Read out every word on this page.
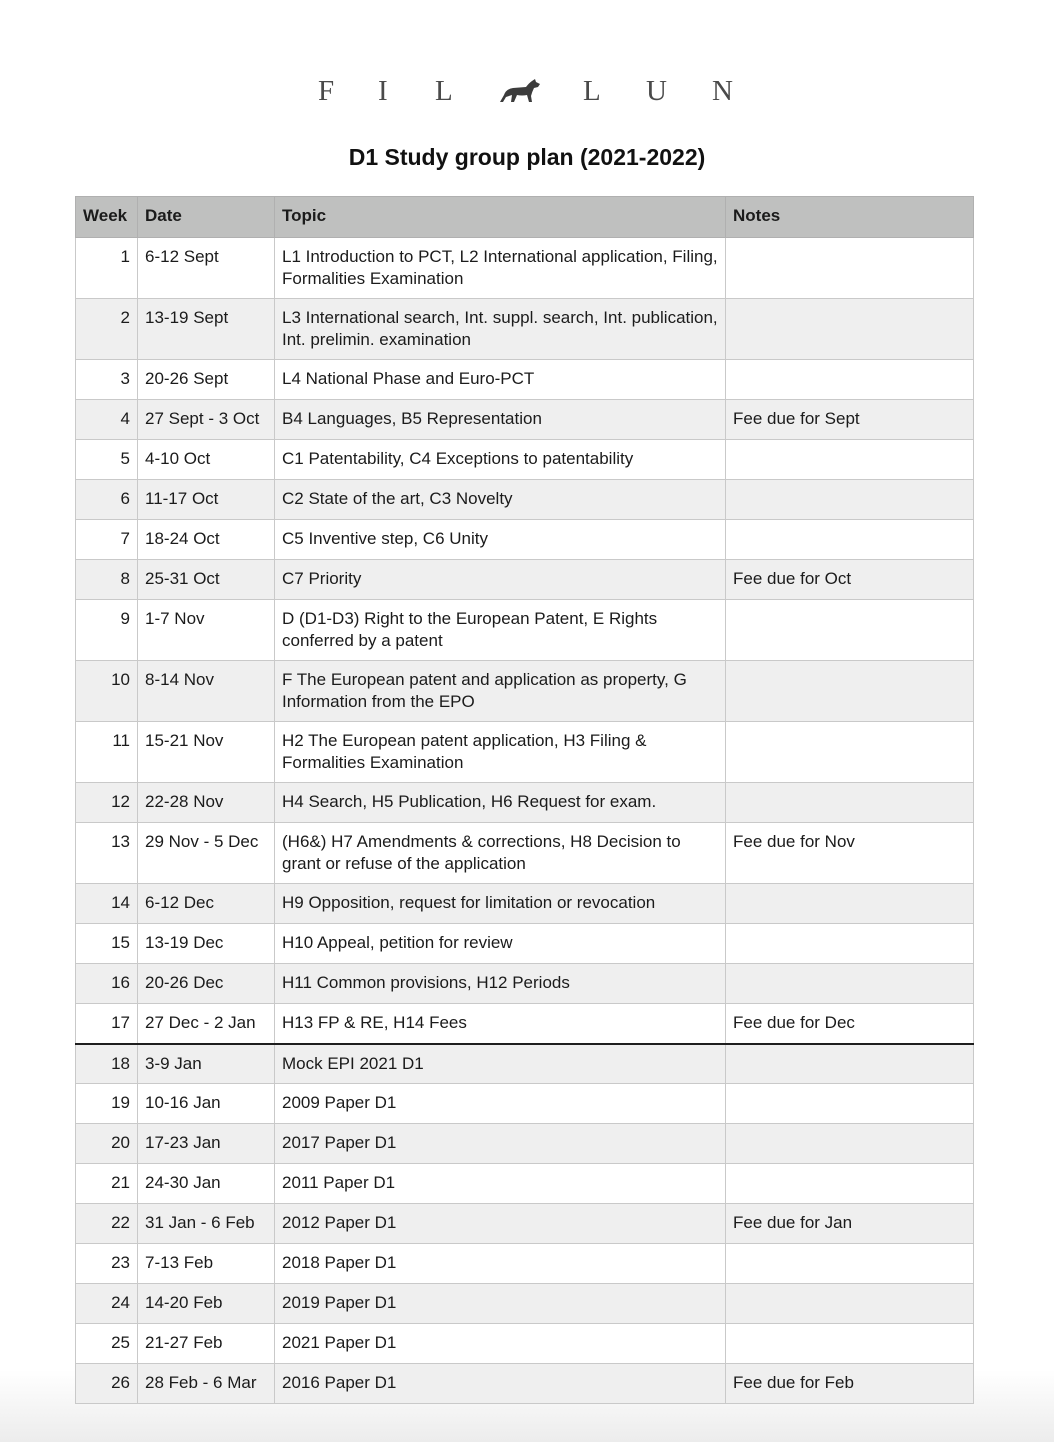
F I L	L U N
D1 Study group plan (2021-2022)
Week	Date	Topic	Notes
1	6-12 Sept	L1 Introduction to PCT, L2 International application, Filing, Formalities Examination	
2	13-19 Sept	L3 International search, Int. suppl. search, Int. publication, Int. prelimin. examination	
3	20-26 Sept	L4 National Phase and Euro-PCT	
4	27 Sept - 3 Oct	B4 Languages, B5 Representation	Fee due for Sept
5	4-10 Oct	C1 Patentability, C4 Exceptions to patentability	
6	11-17 Oct	C2 State of the art, C3 Novelty	
7	18-24 Oct	C5 Inventive step, C6 Unity	
8	25-31 Oct	C7 Priority	Fee due for Oct
9	1-7 Nov	D (D1-D3) Right to the European Patent, E Rights conferred by a patent	
10	8-14 Nov	F The European patent and application as property, G Information from the EPO	
11	15-21 Nov	H2 The European patent application, H3 Filing & Formalities Examination	
12	22-28 Nov	H4 Search, H5 Publication, H6 Request for exam.	
13	29 Nov - 5 Dec	(H6&) H7 Amendments & corrections, H8 Decision to grant or refuse of the application	Fee due for Nov
14	6-12 Dec	H9 Opposition, request for limitation or revocation	
15	13-19 Dec	H10 Appeal, petition for review	
16	20-26 Dec	H11 Common provisions, H12 Periods	
17	27 Dec - 2 Jan	H13 FP & RE, H14 Fees	Fee due for Dec
18	3-9 Jan	Mock EPI 2021 D1	
19	10-16 Jan	2009 Paper D1	
20	17-23 Jan	2017 Paper D1	
21	24-30 Jan	2011 Paper D1	
22	31 Jan - 6 Feb	2012 Paper D1	Fee due for Jan
23	7-13 Feb	2018 Paper D1	
24	14-20 Feb	2019 Paper D1	
25	21-27 Feb	2021 Paper D1	
26	28 Feb - 6 Mar	2016 Paper D1	Fee due for Feb
